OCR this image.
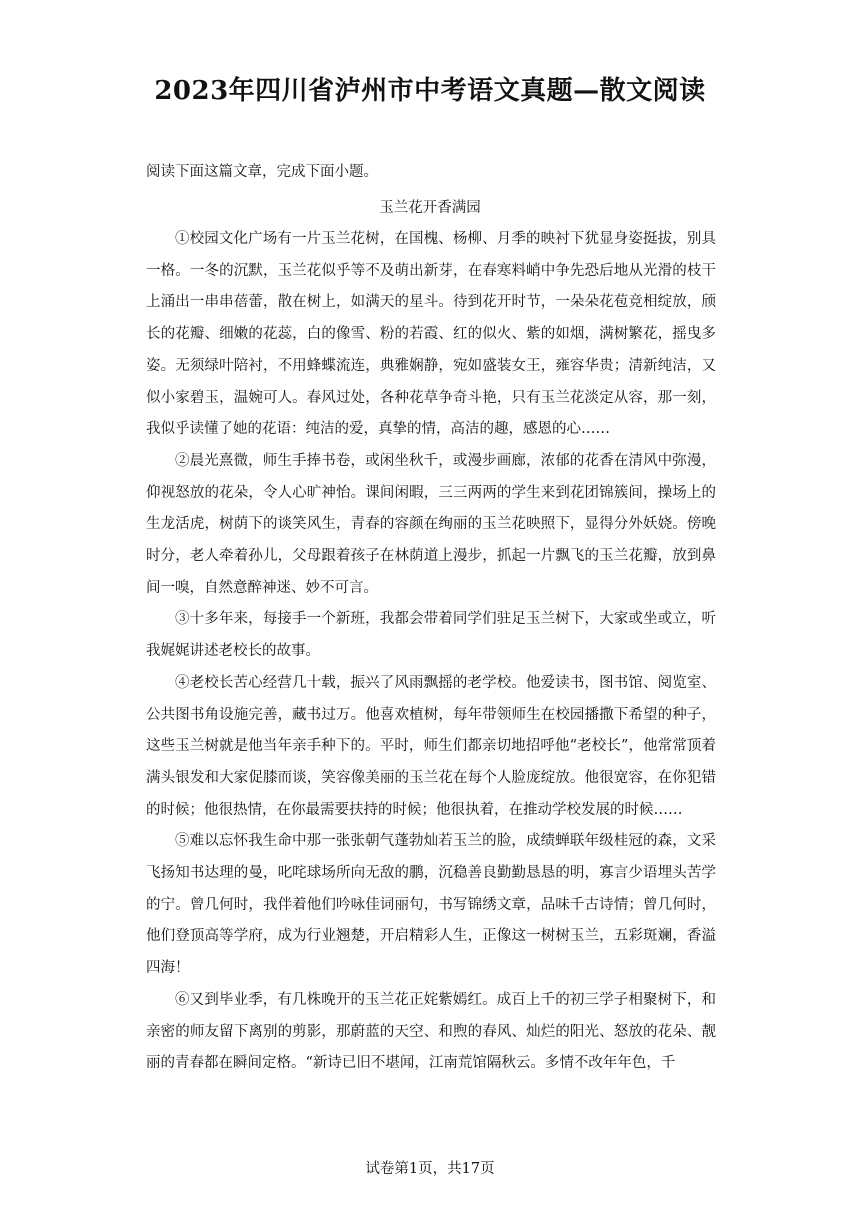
2023年四川省泸州市中考语文真题—散文阅读
阅读下面这篇文章，完成下面小题。
玉兰花开香满园

①校园文化广场有一片玉兰花树，在国槐、杨柳、月季的映衬下犹显身姿挺拔，别具一格。一冬的沉默，玉兰花似乎等不及萌出新芽，在春寒料峭中争先恐后地从光滑的枝干上涌出一串串蓓蕾，散在树上，如满天的星斗。待到花开时节，一朵朵花苞竞相绽放，颀长的花瓣、细嫩的花蕊，白的像雪、粉的若霞、红的似火、紫的如烟，满树繁花，摇曳多姿。无须绿叶陪衬，不用蜂蝶流连，典雅娴静，宛如盛装女王，雍容华贵；清新纯洁，又似小家碧玉，温婉可人。春风过处，各种花草争奇斗艳，只有玉兰花淡定从容，那一刻，我似乎读懂了她的花语：纯洁的爱，真挚的情，高洁的趣，感恩的心……

②晨光熹微，师生手捧书卷，或闲坐秋千，或漫步画廊，浓郁的花香在清风中弥漫，仰视怒放的花朵，令人心旷神怡。课间闲暇，三三两两的学生来到花团锦簇间，操场上的生龙活虎，树荫下的谈笑风生，青春的容颜在绚丽的玉兰花映照下，显得分外妖娆。傍晚时分，老人牵着孙儿，父母跟着孩子在林荫道上漫步，抓起一片飘飞的玉兰花瓣，放到鼻间一嗅，自然意醉神迷、妙不可言。

③十多年来，每接手一个新班，我都会带着同学们驻足玉兰树下，大家或坐或立，听我娓娓讲述老校长的故事。

④老校长苦心经营几十载，振兴了风雨飘摇的老学校。他爱读书，图书馆、阅览室、公共图书角设施完善，藏书过万。他喜欢植树，每年带领师生在校园播撒下希望的种子，这些玉兰树就是他当年亲手种下的。平时，师生们都亲切地招呼他“老校长”，他常常顶着满头银发和大家促膝而谈，笑容像美丽的玉兰花在每个人脸庞绽放。他很宽容，在你犯错的时候；他很热情，在你最需要扶持的时候；他很执着，在推动学校发展的时候……

⑤难以忘怀我生命中那一张张朝气蓬勃灿若玉兰的脸，成绩蝉联年级桂冠的森，文采飞扬知书达理的曼，叱咤球场所向无敌的鹏，沉稳善良勤勤恳恳的明，寡言少语埋头苦学的宁。曾几何时，我伴着他们吟咏佳词丽句，书写锦绣文章，品味千古诗情；曾几何时，他们登顶高等学府，成为行业翘楚，开启精彩人生，正像这一树树玉兰，五彩斑斓，香溢四海！

⑥又到毕业季，有几株晚开的玉兰花正姹紫嫣红。成百上千的初三学子相聚树下，和亲密的师友留下离别的剪影，那蔚蓝的天空、和煦的春风、灿烂的阳光、怒放的花朵、靓丽的青春都在瞬间定格。“新诗已旧不堪闻，江南荒馆隔秋云。多情不改年年色，千

试卷第1页，共17页
